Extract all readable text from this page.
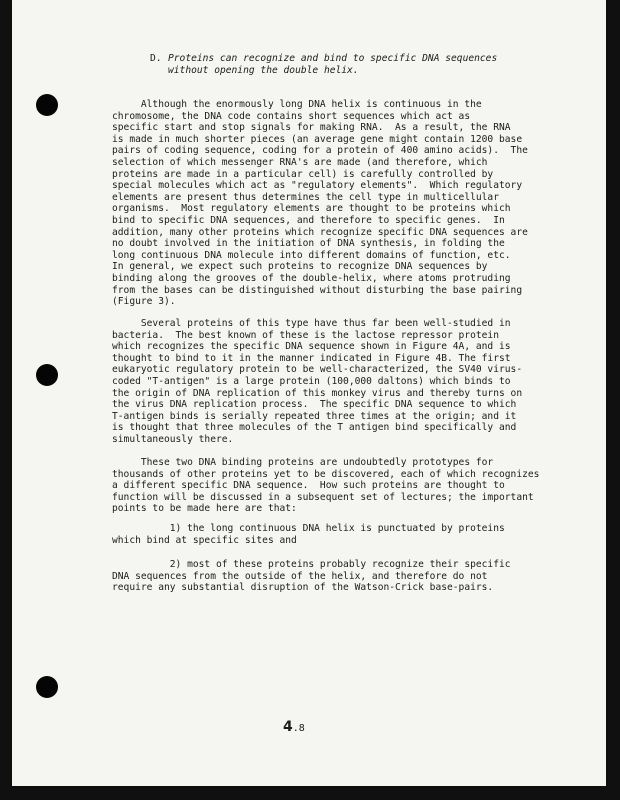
D. Proteins can recognize and bind to specific DNA sequences
without opening the double helix.
Although the enormously long DNA helix is continuous in the
chromosome, the DNA code contains short sequences which act as
specific start and stop signals for making RNA.  As a result, the RNA
is made in much shorter pieces (an average gene might contain 1200 base
pairs of coding sequence, coding for a protein of 400 amino acids).  The
selection of which messenger RNA's are made (and therefore, which
proteins are made in a particular cell) is carefully controlled by
special molecules which act as "regulatory elements".  Which regulatory
elements are present thus determines the cell type in multicellular
organisms.  Most regulatory elements are thought to be proteins which
bind to specific DNA sequences, and therefore to specific genes.  In
addition, many other proteins which recognize specific DNA sequences are
no doubt involved in the initiation of DNA synthesis, in folding the
long continuous DNA molecule into different domains of function, etc.
In general, we expect such proteins to recognize DNA sequences by
binding along the grooves of the double-helix, where atoms protruding
from the bases can be distinguished without disturbing the base pairing
(Figure 3).
Several proteins of this type have thus far been well-studied in
bacteria.  The best known of these is the lactose repressor protein
which recognizes the specific DNA sequence shown in Figure 4A, and is
thought to bind to it in the manner indicated in Figure 4B. The first
eukaryotic regulatory protein to be well-characterized, the SV40 virus-
coded "T-antigen" is a large protein (100,000 daltons) which binds to
the origin of DNA replication of this monkey virus and thereby turns on
the virus DNA replication process.  The specific DNA sequence to which
T-antigen binds is serially repeated three times at the origin; and it
is thought that three molecules of the T antigen bind specifically and
simultaneously there.
These two DNA binding proteins are undoubtedly prototypes for
thousands of other proteins yet to be discovered, each of which recognizes
a different specific DNA sequence.  How such proteins are thought to
function will be discussed in a subsequent set of lectures; the important
points to be made here are that:
1) the long continuous DNA helix is punctuated by proteins
which bind at specific sites and
2) most of these proteins probably recognize their specific
DNA sequences from the outside of the helix, and therefore do not
require any substantial disruption of the Watson-Crick base-pairs.
4.8
